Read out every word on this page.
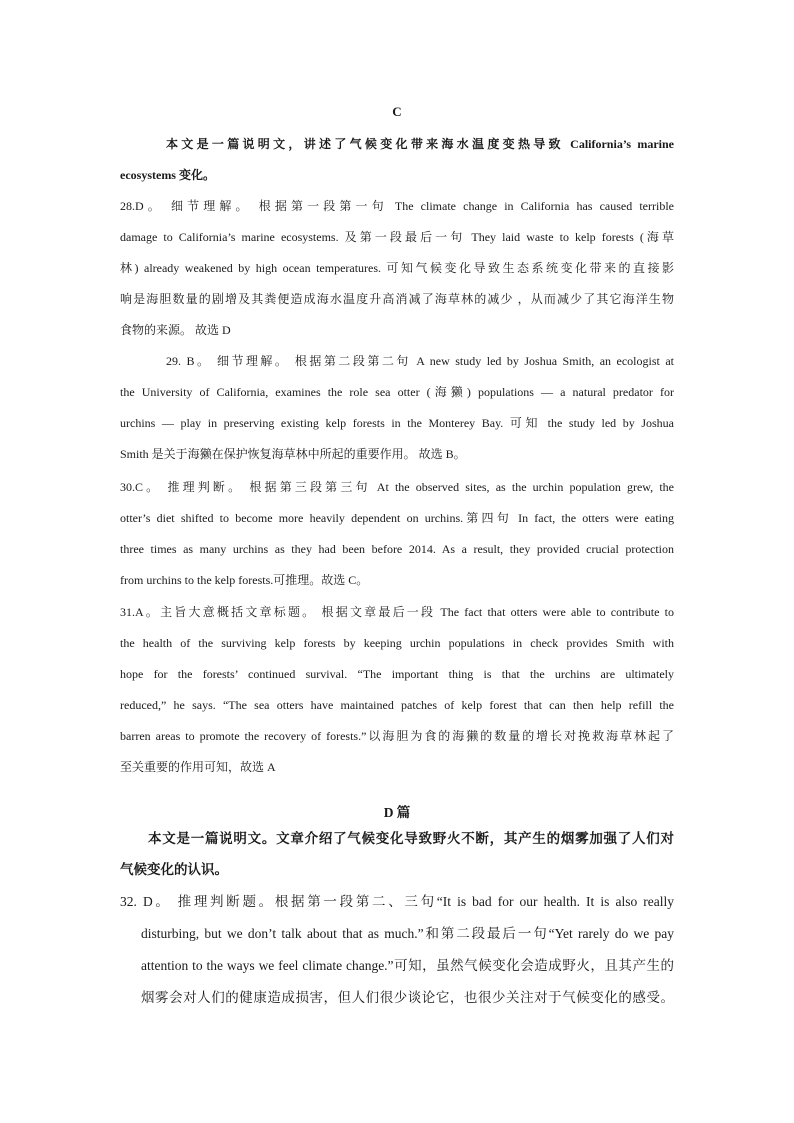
C
本文是一篇说明文，讲述了气候变化带来海水温度变热导致 California’s marine
ecosystems 变化。
28.D。 细节理解。 根据第一段第一句 The climate change in California has caused terrible
damage to California’s marine ecosystems. 及第一段最后一句 They laid waste to kelp forests (海草
林) already weakened by high ocean temperatures. 可知气候变化导致生态系统变化带来的直接影
响是海胆数量的剧增及其粪便造成海水温度升高消减了海草林的减少 ，从而减少了其它海洋生物
食物的来源。 故选 D
29. B。 细节理解。 根据第二段第二句 A new study led by Joshua Smith, an ecologist at
the University of California, examines the role sea otter (海獭) populations — a natural predator for
urchins — play in preserving existing kelp forests in the Monterey Bay. 可知 the study led by Joshua
Smith 是关于海獭在保护恢复海草林中所起的重要作用。 故选 B。
30.C。 推理判断。 根据第三段第三句 At the observed sites, as the urchin population grew, the
otter’s diet shifted to become more heavily dependent on urchins.第四句 In fact, the otters were eating
three times as many urchins as they had been before 2014. As a result, they provided crucial protection
from urchins to the kelp forests.可推理。故选 C。
31.A。主旨大意概括文章标题。 根据文章最后一段 The fact that otters were able to contribute to
the health of the surviving kelp forests by keeping urchin populations in check provides Smith with
hope for the forests’ continued survival. “The important thing is that the urchins are ultimately
reduced,” he says. “The sea otters have maintained patches of kelp forest that can then help refill the
barren areas to promote the recovery of forests.”以海胆为食的海獭的数量的增长对挽救海草林起了
至关重要的作用可知，故选 A
D 篇
本文是一篇说明文。文章介绍了气候变化导致野火不断，其产生的烟雾加强了人们对
气候变化的认识。
32. D。 推理判断题。根据第一段第二、三句“It is bad for our health. It is also really
disturbing, but we don’t talk about that as much.”和第二段最后一句“Yet rarely do we pay
attention to the ways we feel climate change.”可知，虽然气候变化会造成野火，且其产生的
烟雾会对人们的健康造成损害，但人们很少谈论它，也很少关注对于气候变化的感受。
